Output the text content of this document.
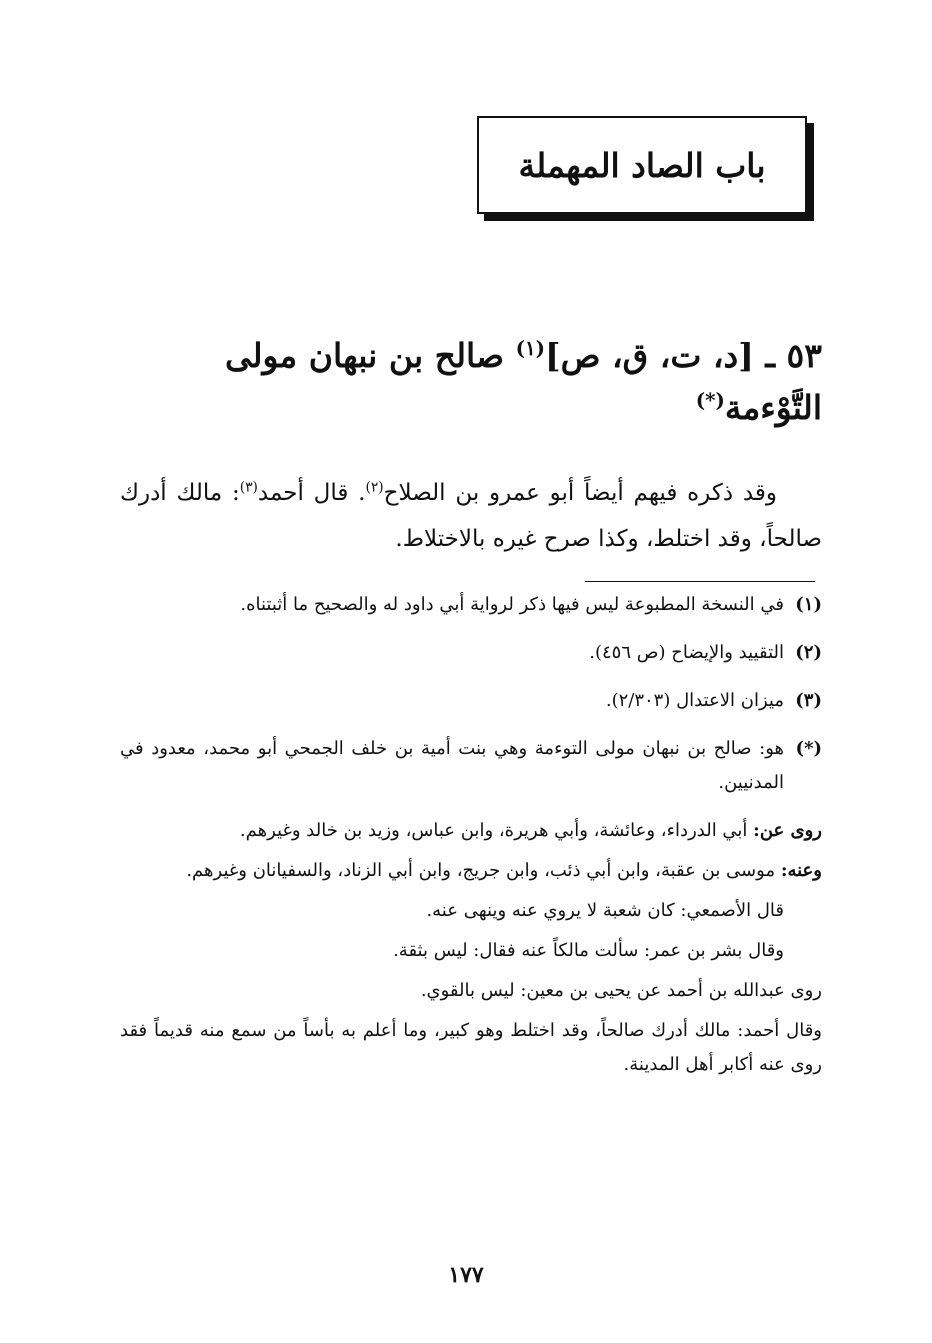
باب الصاد المهملة
٥٣ ـ [د، ت، ق، ص]$^{(١)}$ صالح بن نبهان مولى
التَّوْءمة(*)
وقد ذكره فيهم أيضاً أبو عمرو بن الصلاح$^{(٢)}$. قال أحمد$^{(٣)}$: مالك أدرك صالحاً، وقد اختلط، وكذا صرح غيره بالاختلاط.
(١)
في النسخة المطبوعة ليس فيها ذكر لرواية أبي داود له والصحيح ما أثبتناه.
(٢)
التقييد والإيضاح (ص ٤٥٦).
(٣)
ميزان الاعتدال (٢/٣٠٣).
(*)
هو: صالح بن نبهان مولى التوءمة وهي بنت أمية بن خلف الجمحي أبو محمد، معدود في المدنيين.
روى عن: أبي الدرداء، وعائشة، وأبي هريرة، وابن عباس، وزيد بن خالد وغيرهم.
وعنه: موسى بن عقبة، وابن أبي ذئب، وابن جريج، وابن أبي الزناد، والسفيانان وغيرهم.
قال الأصمعي: كان شعبة لا يروي عنه وينهى عنه.
وقال بشر بن عمر: سألت مالكاً عنه فقال: ليس بثقة.
روى عبدالله بن أحمد عن يحيى بن معين: ليس بالقوي.
وقال أحمد: مالك أدرك صالحاً، وقد اختلط وهو كبير، وما أعلم به بأساً من سمع منه قديماً فقد روى عنه أكابر أهل المدينة.
١٧٧
